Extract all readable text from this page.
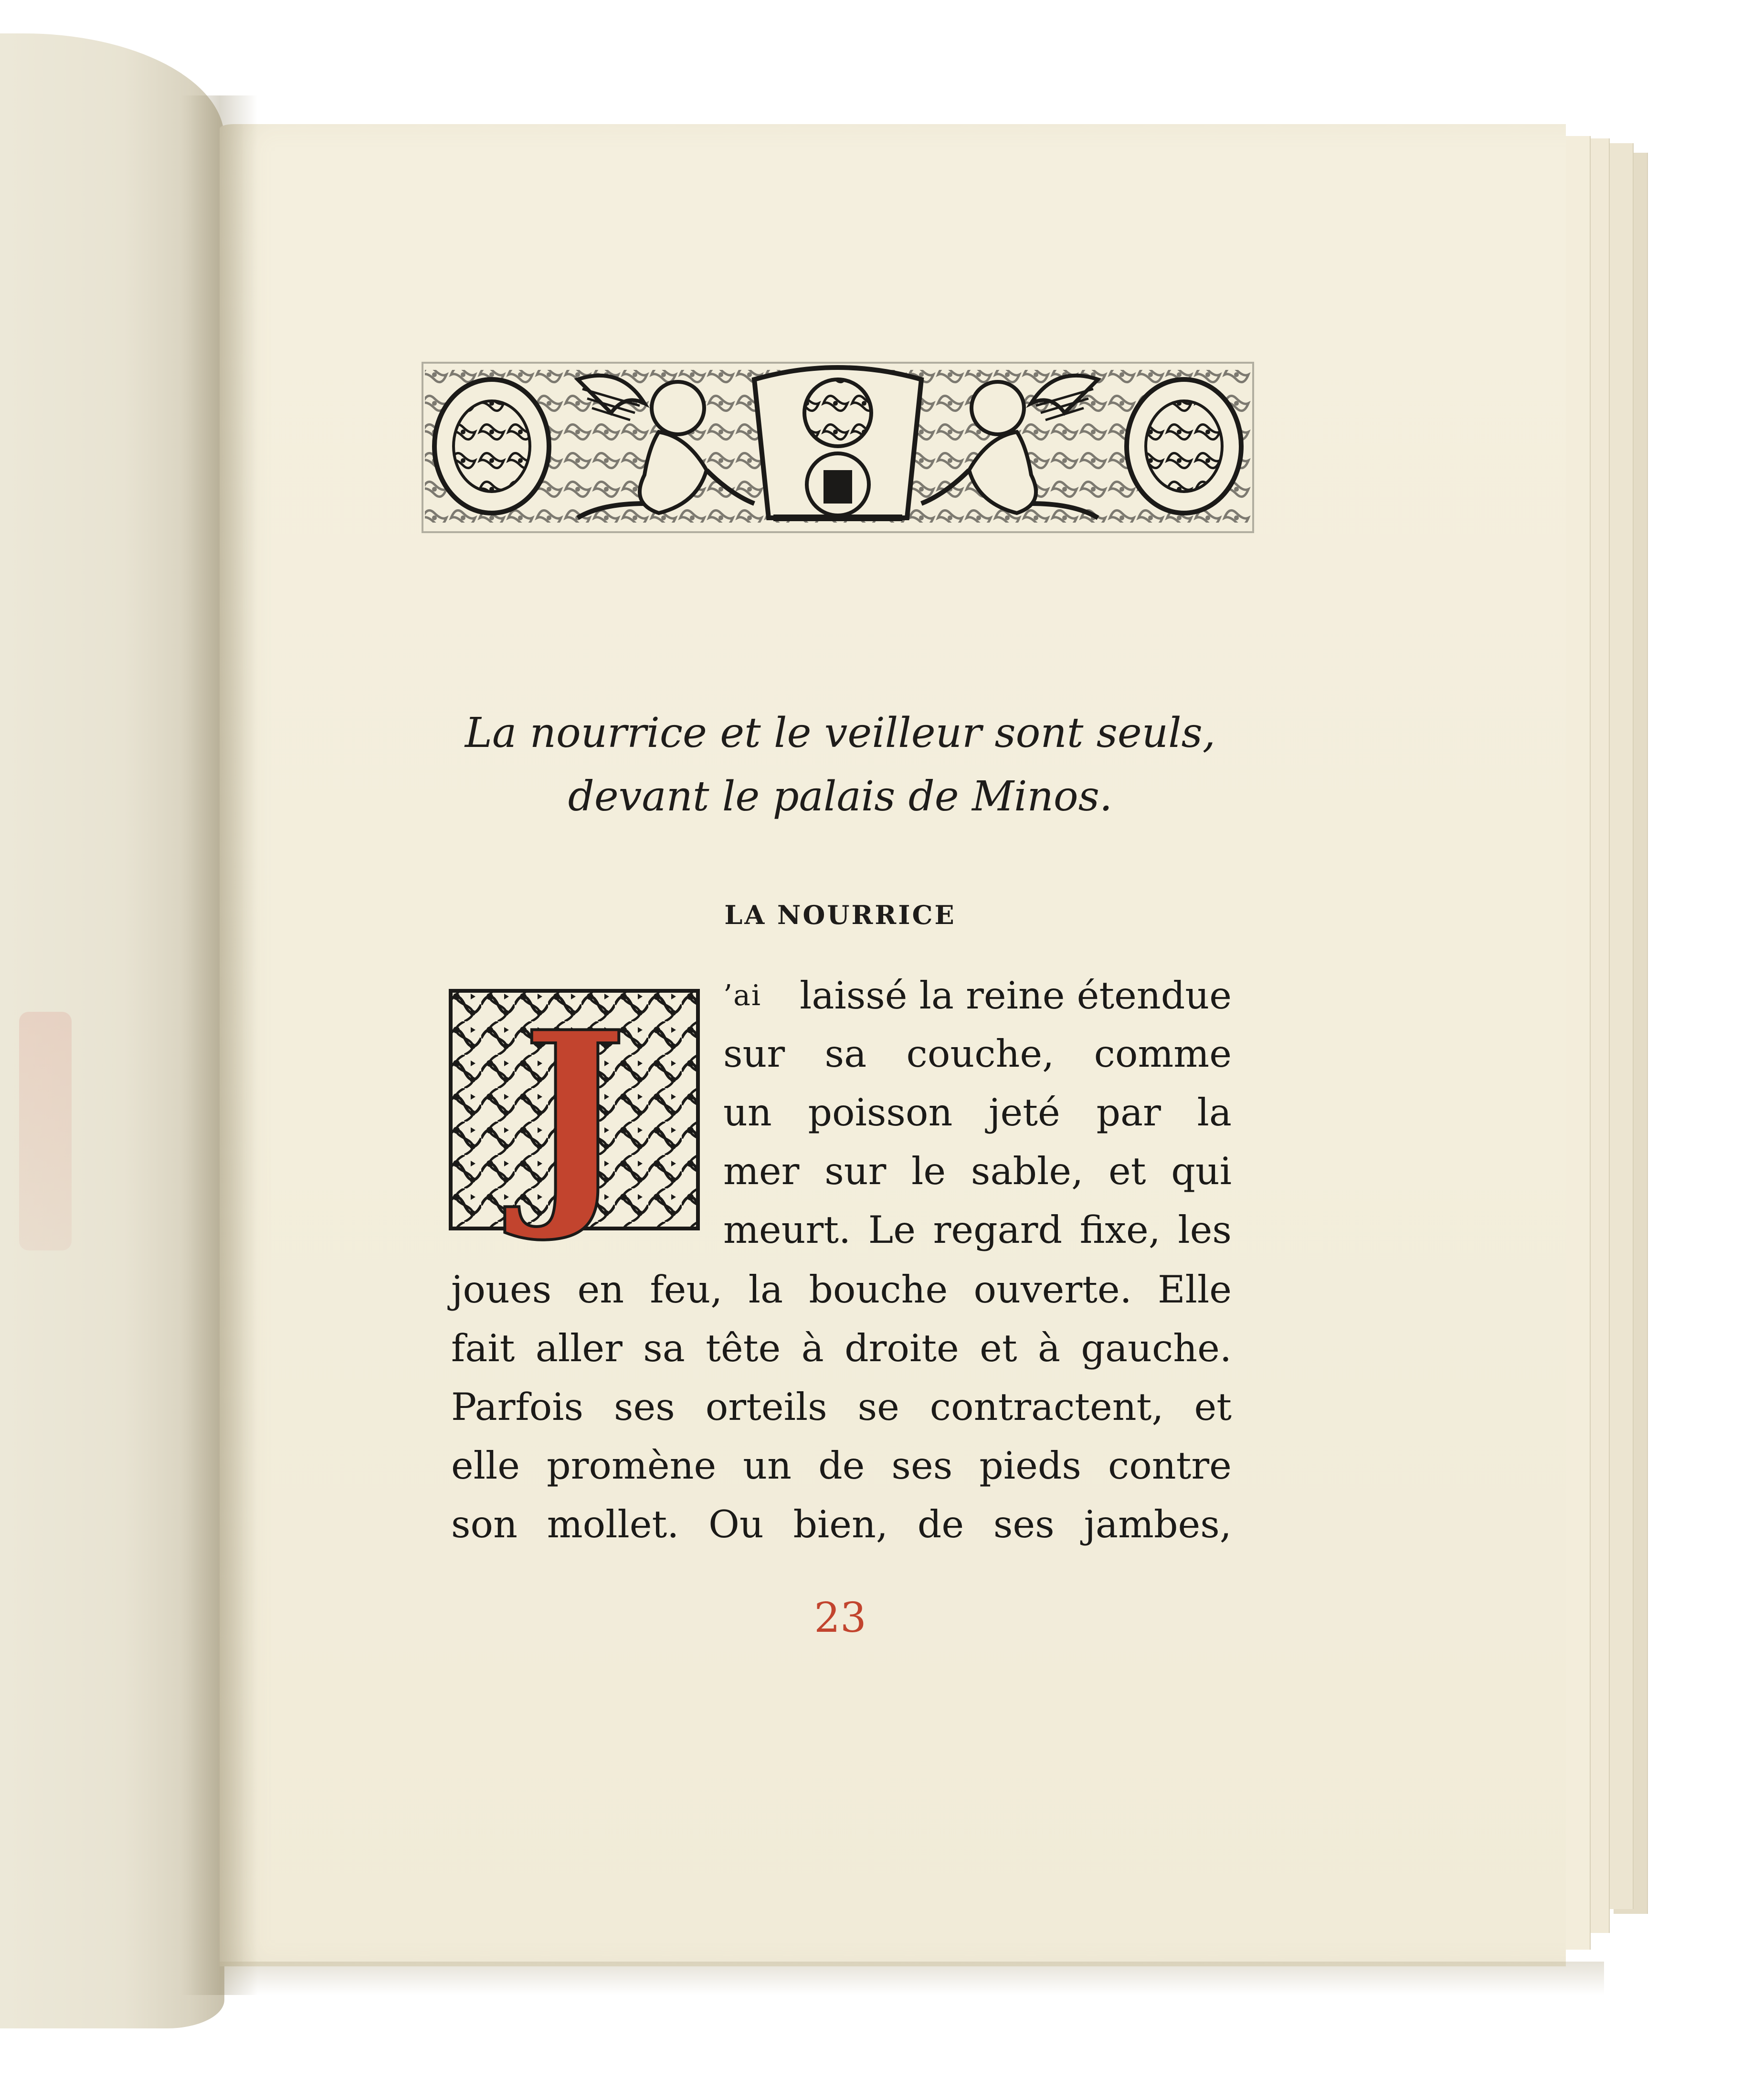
La nourrice et le veilleur sont seuls,
devant le palais de Minos.
LA NOURRICE
J	’ai	laissé la reine étendue
sur sa couche, comme
un poisson jeté par la
mer sur le sable, et qui
meurt. Le regard fixe, les
joues en feu, la bouche ouverte. Elle
fait aller sa tête à droite et à gauche.
Parfois ses orteils se contractent, et
elle promène un de ses pieds contre
son mollet. Ou bien, de ses jambes,
23
